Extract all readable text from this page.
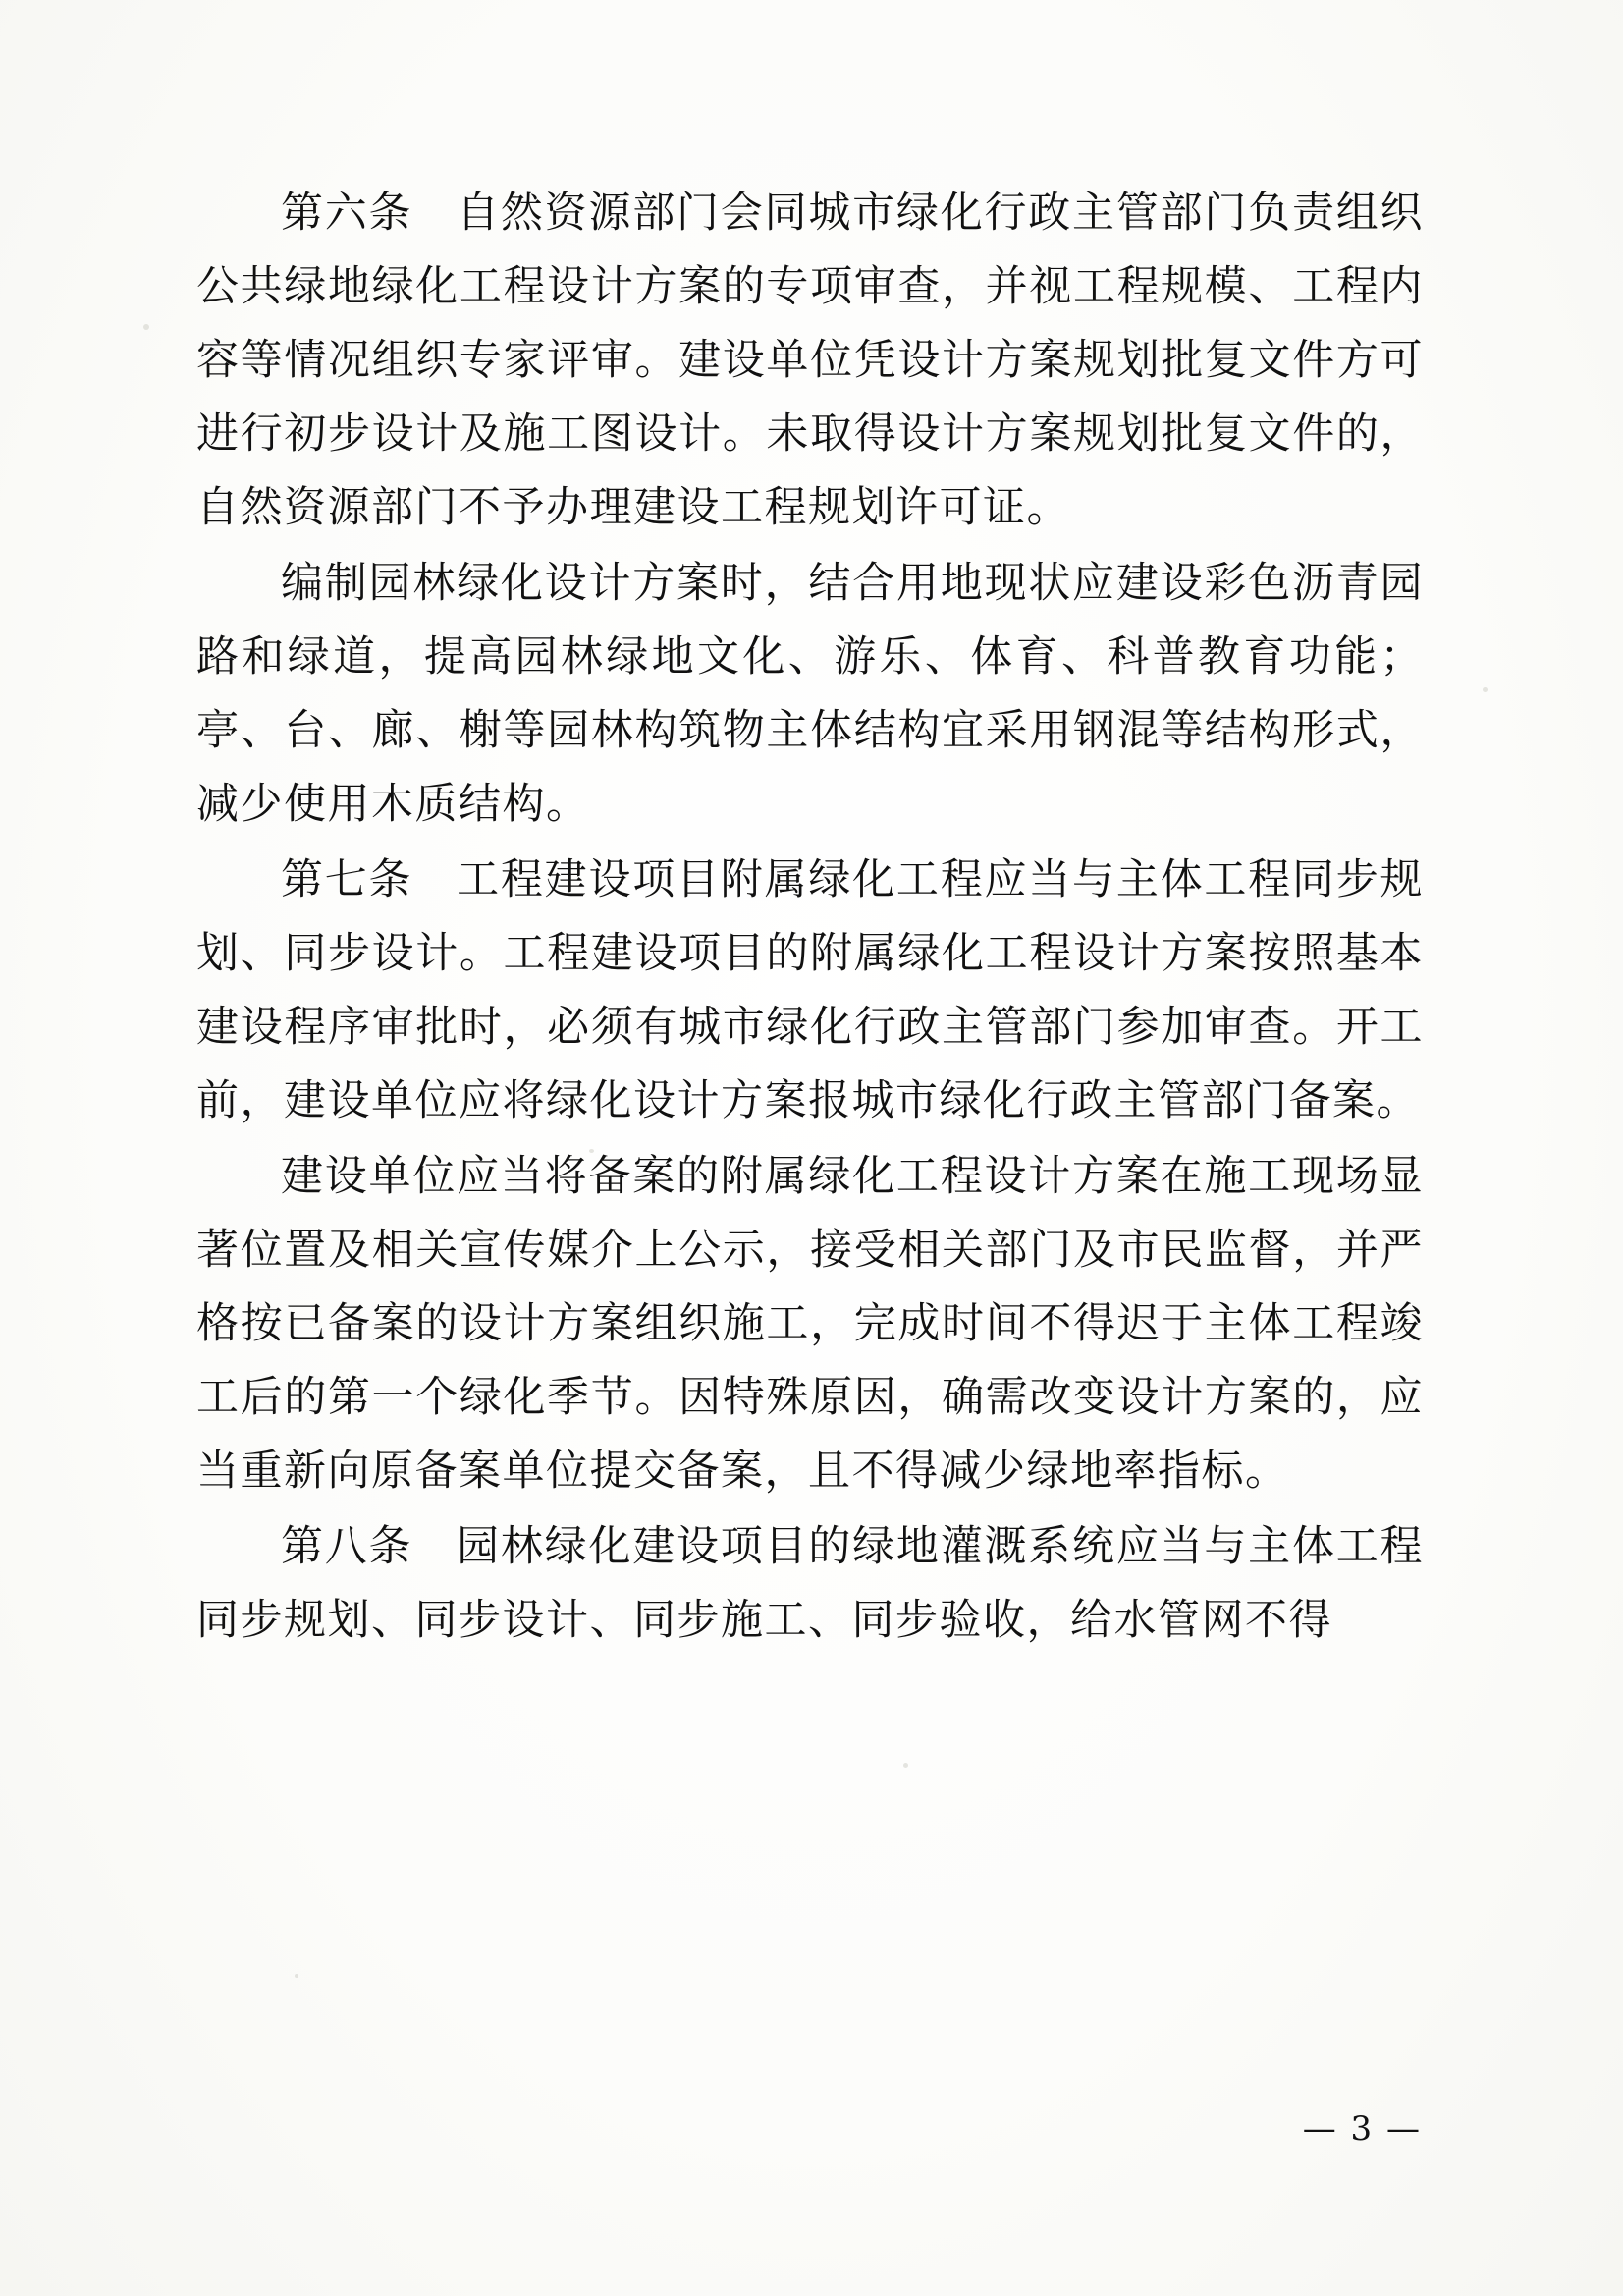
第六条　自然资源部门会同城市绿化行政主管部门负责组织公共绿地绿化工程设计方案的专项审查，并视工程规模、工程内容等情况组织专家评审。建设单位凭设计方案规划批复文件方可进行初步设计及施工图设计。未取得设计方案规划批复文件的，自然资源部门不予办理建设工程规划许可证。

编制园林绿化设计方案时，结合用地现状应建设彩色沥青园路和绿道，提高园林绿地文化、游乐、体育、科普教育功能；亭、台、廊、榭等园林构筑物主体结构宜采用钢混等结构形式，减少使用木质结构。

第七条　工程建设项目附属绿化工程应当与主体工程同步规划、同步设计。工程建设项目的附属绿化工程设计方案按照基本建设程序审批时，必须有城市绿化行政主管部门参加审查。开工前，建设单位应将绿化设计方案报城市绿化行政主管部门备案。

建设单位应当将备案的附属绿化工程设计方案在施工现场显著位置及相关宣传媒介上公示，接受相关部门及市民监督，并严格按已备案的设计方案组织施工，完成时间不得迟于主体工程竣工后的第一个绿化季节。因特殊原因，确需改变设计方案的，应当重新向原备案单位提交备案，且不得减少绿地率指标。

第八条　园林绿化建设项目的绿地灌溉系统应当与主体工程同步规划、同步设计、同步施工、同步验收，给水管网不得

— 3 —
